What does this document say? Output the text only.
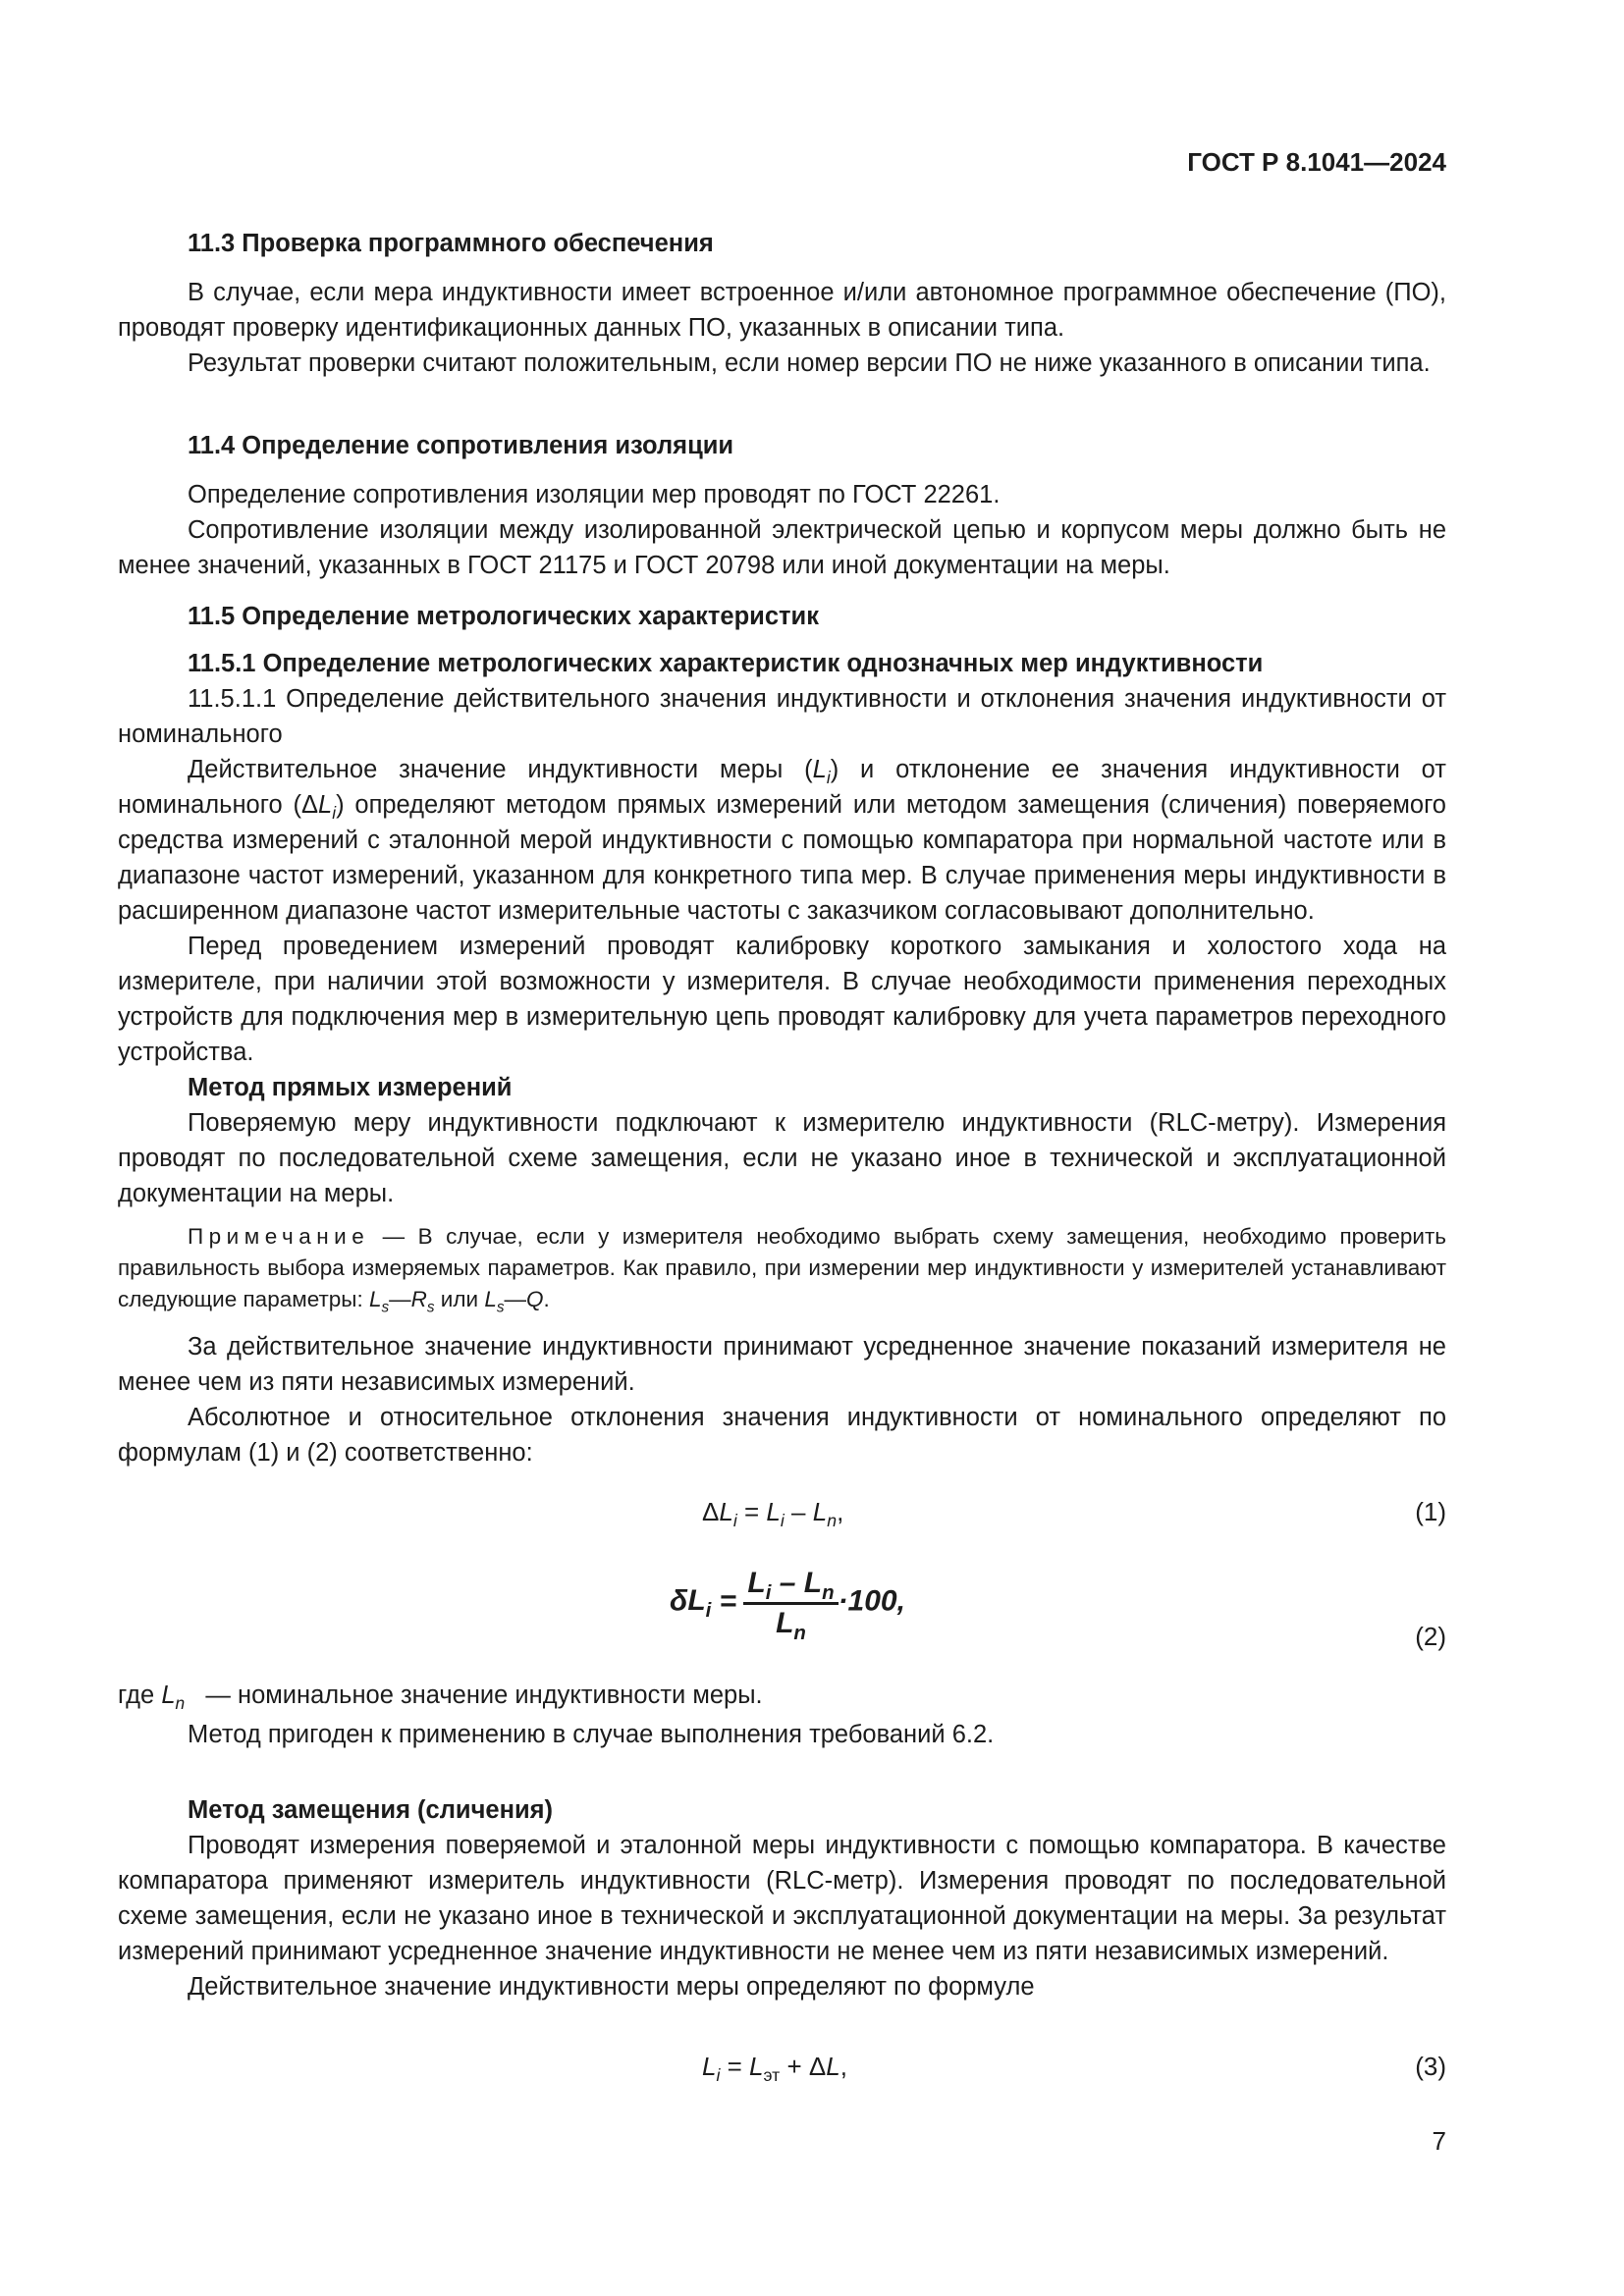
ГОСТ Р 8.1041—2024

11.3 Проверка программного обеспечения

В случае, если мера индуктивности имеет встроенное и/или автономное программное обеспечение (ПО), проводят проверку идентификационных данных ПО, указанных в описании типа.

Результат проверки считают положительным, если номер версии ПО не ниже указанного в описании типа.

11.4 Определение сопротивления изоляции

Определение сопротивления изоляции мер проводят по ГОСТ 22261.

Сопротивление изоляции между изолированной электрической цепью и корпусом меры должно быть не менее значений, указанных в ГОСТ 21175 и ГОСТ 20798 или иной документации на меры.

11.5 Определение метрологических характеристик

11.5.1 Определение метрологических характеристик однозначных мер индуктивности

11.5.1.1 Определение действительного значения индуктивности и отклонения значения индуктивности от номинального

Действительное значение индуктивности меры $(L_i)$ и отклонение ее значения индуктивности от номинального $(\Delta L_i)$ определяют методом прямых измерений или методом замещения (сличения) поверяемого средства измерений с эталонной мерой индуктивности с помощью компаратора при нормальной частоте или в диапазоне частот измерений, указанном для конкретного типа мер. В случае применения меры индуктивности в расширенном диапазоне частот измерительные частоты с заказчиком согласовывают дополнительно.

Перед проведением измерений проводят калибровку короткого замыкания и холостого хода на измерителе, при наличии этой возможности у измерителя. В случае необходимости применения переходных устройств для подключения мер в измерительную цепь проводят калибровку для учета параметров переходного устройства.

Метод прямых измерений

Поверяемую меру индуктивности подключают к измерителю индуктивности (RLC-метру). Измерения проводят по последовательной схеме замещения, если не указано иное в технической и эксплуатационной документации на меры.

Примечание — В случае, если у измерителя необходимо выбрать схему замещения, необходимо проверить правильность выбора измеряемых параметров. Как правило, при измерении мер индуктивности у измерителей устанавливают следующие параметры: $L_s—R_s$ или $L_s—Q$.

За действительное значение индуктивности принимают усредненное значение показаний измерителя не менее чем из пяти независимых измерений.

Абсолютное и относительное отклонения значения индуктивности от номинального определяют по формулам (1) и (2) соответственно:

$\Delta L_i = L_i - L_n$,	(1)
$\delta L_i = \frac{L_i - L_n}{L_n} \cdot 100$,
(2)

где $L_n$   — номинальное значение индуктивности меры.

Метод пригоден к применению в случае выполнения требований 6.2.

Метод замещения (сличения)

Проводят измерения поверяемой и эталонной меры индуктивности с помощью компаратора. В качестве компаратора применяют измеритель индуктивности (RLC-метр). Измерения проводят по последовательной схеме замещения, если не указано иное в технической и эксплуатационной документации на меры. За результат измерений принимают усредненное значение индуктивности не менее чем из пяти независимых измерений.

Действительное значение индуктивности меры определяют по формуле

$L_i = L_{эт} + \Delta L$,	(3)
7
